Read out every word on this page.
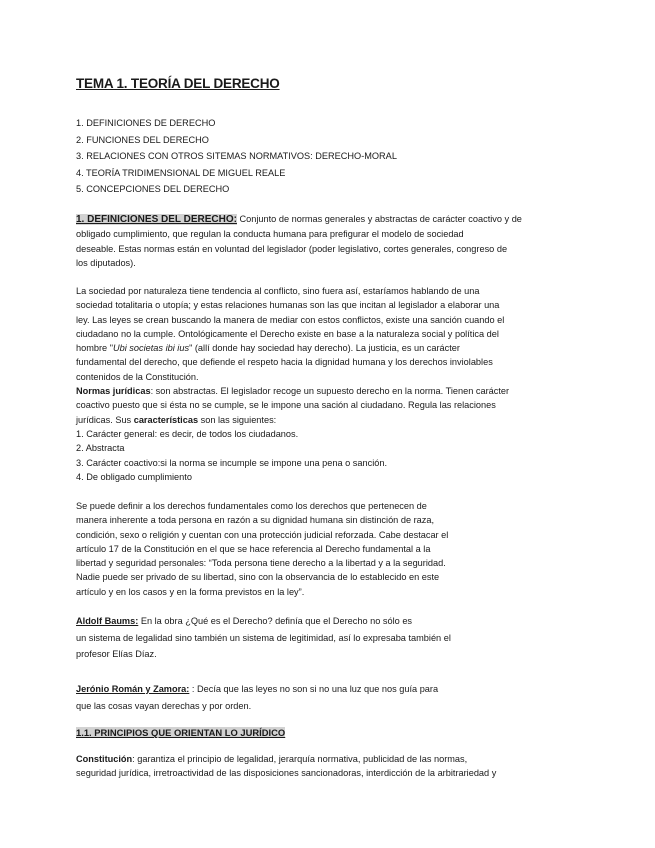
TEMA 1. TEORÍA DEL DERECHO
1. DEFINICIONES DE DERECHO
2. FUNCIONES DEL DERECHO
3. RELACIONES CON OTROS SITEMAS NORMATIVOS: DERECHO-MORAL
4. TEORÍA TRIDIMENSIONAL DE MIGUEL REALE
5. CONCEPCIONES DEL DERECHO
1. DEFINICIONES DEL DERECHO: Conjunto de normas generales y abstractas de carácter coactivo y de
obligado cumplimiento, que regulan la conducta humana para prefigurar el modelo de sociedad
deseable. Estas normas están en voluntad del legislador (poder legislativo, cortes generales, congreso de
los diputados).
La sociedad por naturaleza tiene tendencia al conflicto, sino fuera así, estaríamos hablando de una
sociedad totalitaria o utopía; y estas relaciones humanas son las que incitan al legislador a elaborar una
ley. Las leyes se crean buscando la manera de mediar con estos conflictos, existe una sanción cuando el
ciudadano no la cumple. Ontológicamente el Derecho existe en base a la naturaleza social y política del
hombre "Ubi societas ibi ius" (allí donde hay sociedad hay derecho). La justicia, es un carácter
fundamental del derecho, que defiende el respeto hacia la dignidad humana y los derechos inviolables
contenidos de la Constitución.
Normas jurídicas: son abstractas. El legislador recoge un supuesto derecho en la norma. Tienen carácter
coactivo puesto que si ésta no se cumple, se le impone una sación al ciudadano. Regula las relaciones
jurídicas. Sus características son las siguientes:
1. Carácter general: es decir, de todos los ciudadanos.
2. Abstracta
3. Carácter coactivo:si la norma se incumple se impone una pena o sanción.
4. De obligado cumplimiento
Se puede definir a los derechos fundamentales como los derechos que pertenecen de
manera inherente a toda persona en razón a su dignidad humana sin distinción de raza,
condición, sexo o religión y cuentan con una protección judicial reforzada. Cabe destacar el
artículo 17 de la Constitución en el que se hace referencia al Derecho fundamental a la
libertad y seguridad personales: “Toda persona tiene derecho a la libertad y a la seguridad.
Nadie puede ser privado de su libertad, sino con la observancia de lo establecido en este
artículo y en los casos y en la forma previstos en la ley”.
Aldolf Baums: En la obra ¿Qué es el Derecho? definía que el Derecho no sólo es
un sistema de legalidad sino también un sistema de legitimidad, así lo expresaba también el
profesor Elías Díaz.
Jerónio Román y Zamora: : Decía que las leyes no son si no una luz que nos guía para
que las cosas vayan derechas y por orden.
1.1. PRINCIPIOS QUE ORIENTAN LO JURÍDICO
Constitución: garantiza el principio de legalidad, jerarquía normativa, publicidad de las normas,
seguridad jurídica, irretroactividad de las disposiciones sancionadoras, interdicción de la arbitrariedad y
